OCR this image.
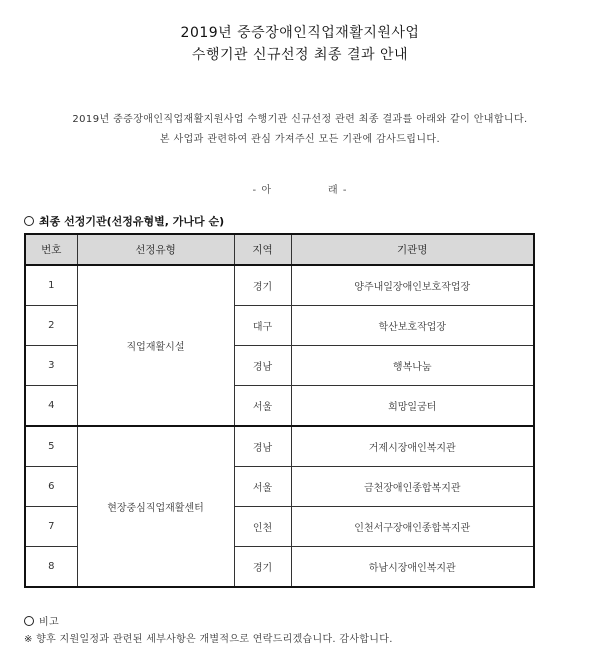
2019년 중증장애인직업재활지원사업
수행기관 신규선정 최종 결과 안내
2019년 중증장애인직업재활지원사업 수행기관 신규선정 관련 최종 결과를 아래와 같이 안내합니다.
본 사업과 관련하여 관심 가져주신 모든 기관에 감사드립니다.
- 아	래 -
최종 선정기관(선정유형별, 가나다 순)
번호	선정유형	지역	기관명
1	직업재활시설	경기	양주내일장애인보호작업장
2		대구	학산보호작업장
3		경남	행복나눔
4		서울	희망일굼터
5	현장중심직업재활센터	경남	거제시장애인복지관
6		서울	금천장애인종합복지관
7		인천	인천서구장애인종합복지관
8		경기	하남시장애인복지관
비고
※ 향후 지원일정과 관련된 세부사항은 개별적으로 연락드리겠습니다. 감사합니다.
